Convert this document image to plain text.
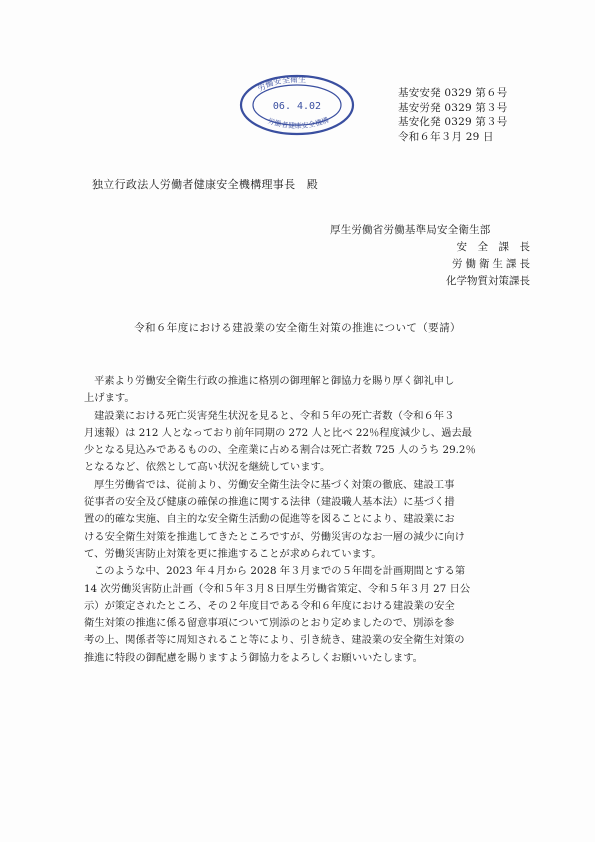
労働安全衛生
06. 4.02
労働者健康安全機構
基安安発 0329 第６号
基安労発 0329 第３号
基安化発 0329 第３号
令和６年３月 29 日
独立行政法人労働者健康安全機構理事長　殿
厚生労働省労働基準局安全衛生部
安　全　課　長
労働衛生課長
化学物質対策課長
令和６年度における建設業の安全衛生対策の推進について（要請）
平素より労働安全衛生行政の推進に格別の御理解と御協力を賜り厚く御礼申し
上げます。
建設業における死亡災害発生状況を見ると、令和５年の死亡者数（令和６年３
月速報）は 212 人となっており前年同期の 272 人と比べ 22％程度減少し、過去最
少となる見込みであるものの、全産業に占める割合は死亡者数 725 人のうち 29.2％
となるなど、依然として高い状況を継続しています。
厚生労働省では、従前より、労働安全衛生法令に基づく対策の徹底、建設工事
従事者の安全及び健康の確保の推進に関する法律（建設職人基本法）に基づく措
置の的確な実施、自主的な安全衛生活動の促進等を図ることにより、建設業にお
ける安全衛生対策を推進してきたところですが、労働災害のなお一層の減少に向け
て、労働災害防止対策を更に推進することが求められています。
このような中、2023 年４月から 2028 年３月までの５年間を計画期間とする第
14 次労働災害防止計画（令和５年３月８日厚生労働省策定、令和５年３月 27 日公
示）が策定されたところ、その２年度目である令和６年度における建設業の安全
衛生対策の推進に係る留意事項について別添のとおり定めましたので、別添を参
考の上、関係者等に周知されること等により、引き続き、建設業の安全衛生対策の
推進に特段の御配慮を賜りますよう御協力をよろしくお願いいたします。
